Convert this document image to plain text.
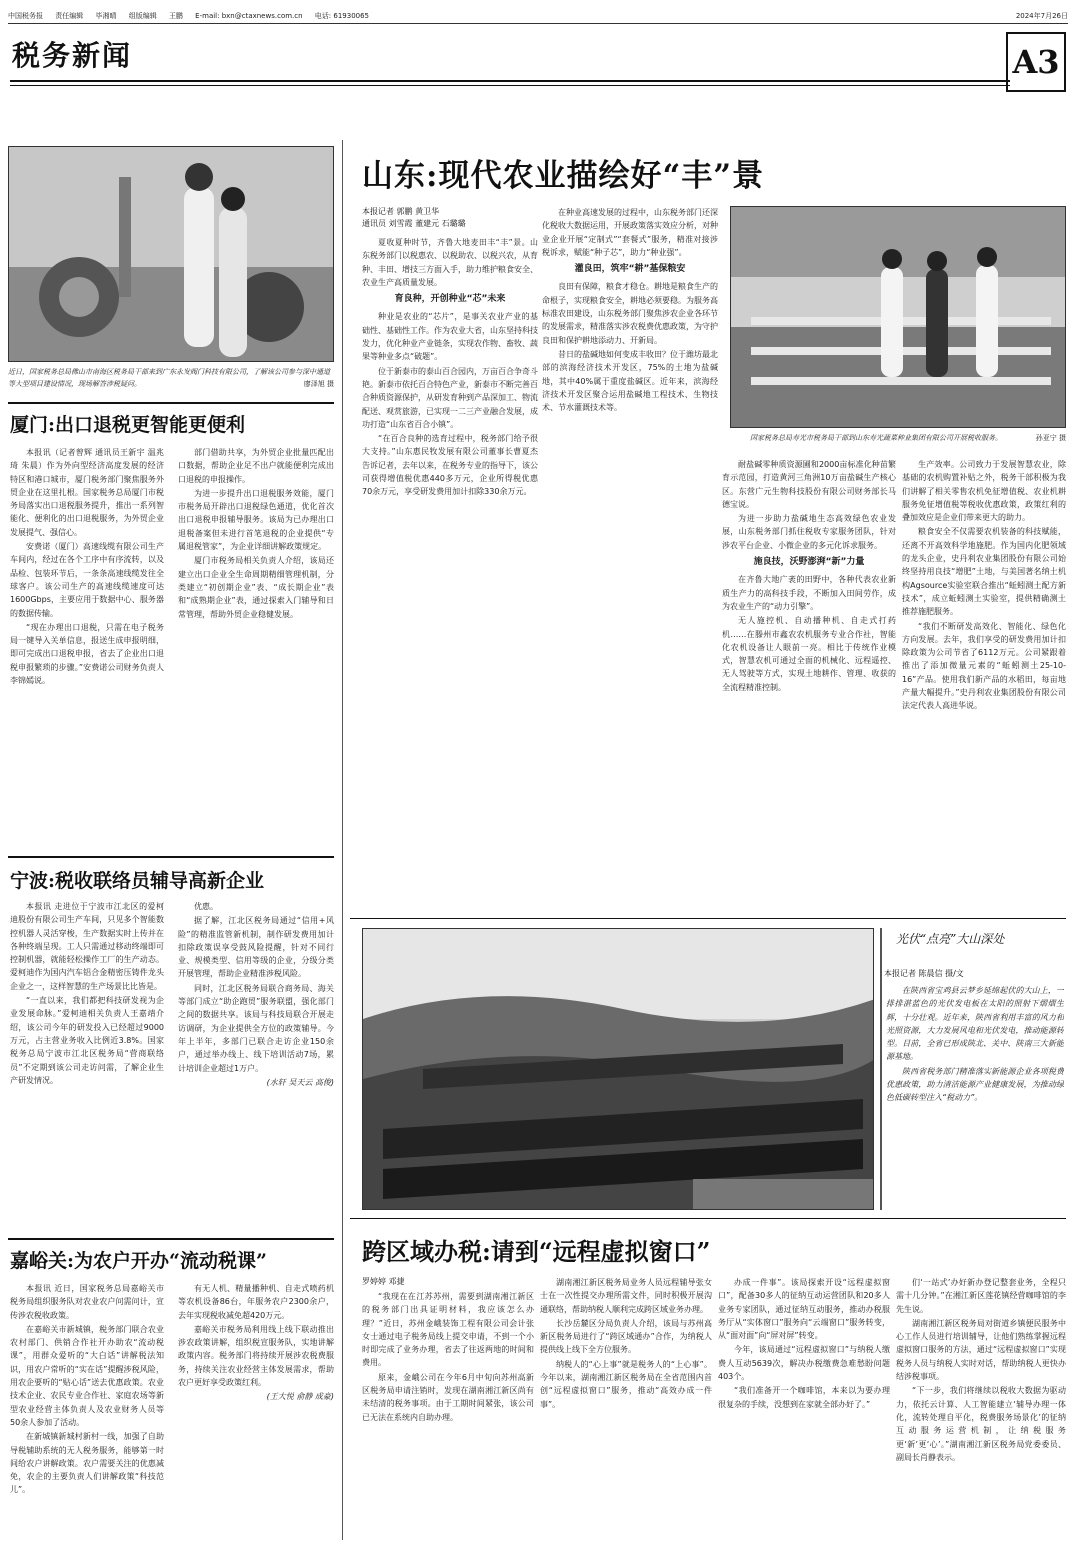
中国税务报 责任编辑 毕湘晴 组版编辑 王鹏 E-mail: bxn@ctaxnews.com.cn 电话: 61930065	2024年7月26日
税务新闻	A3
近日，国家税务总局佛山市南海区税务局干部来到广东永发阀门科技有限公司，了解该公司参与深中通道等大型项目建设情况，现场解答涉税疑问。	廖泽旭 摄
厦门:出口退税更智能更便利

本报讯（记者曾辉 通讯员王新宇 温兆琦 朱晨）作为外向型经济高度发展的经济特区和港口城市，厦门税务部门聚焦服务外贸企业在这里扎根。国家税务总局厦门市税务局落实出口退税服务提升，推出一系列智能化、便利化的出口退税服务，为外贸企业发展提气、强信心。

安费诺（厦门）高速线缆有限公司生产车间内，经过在各个工序中有序流转，以及品检、包装环节后，一条条高速线缆发往全球客户。该公司生产的高速线缆速度可达1600Gbps，主要应用于数据中心、服务器的数据传输。

“现在办理出口退税，只需在电子税务局一键导入关单信息，报送生成申报明细，即可完成出口退税申报，省去了企业出口退税申报繁琐的步骤。”安费诺公司财务负责人李锦嫣说。

部门借助共享，为外贸企业批量匹配出口数据，帮助企业足不出户就能便利完成出口退税的申报操作。

为进一步提升出口退税服务效能，厦门市税务局开辟出口退税绿色通道，优化首次出口退税申报辅导服务。该局为已办理出口退税备案但未进行首笔退税的企业提供“专属退税管家”，为企业详细讲解政策规定。

厦门市税务局相关负责人介绍，该局还建立出口企业全生命周期精细管理机制，分类建立“初创期企业”表、“成长期企业”表和“成熟期企业”表，通过探索入门辅导和日常管理，帮助外贸企业稳健发展。

宁波:税收联络员辅导高新企业

本报讯 走进位于宁波市江北区的爱柯迪股份有限公司生产车间，只见多个智能数控机器人灵活穿梭，生产数据实时上传并在各种终端呈现。工人只需通过移动终端即可控制机器，就能轻松操作工厂的生产动态。爱柯迪作为国内汽车铝合金精密压铸件龙头企业之一，这样智慧的生产场景比比皆是。

“一直以来，我们都把科技研发视为企业发展命脉。”爱柯迪相关负责人王嘉靖介绍，该公司今年的研发投入已经超过9000万元，占主营业务收入比例近3.8%。国家税务总局宁波市江北区税务局“营商联络员”不定期到该公司走访问需，了解企业生产研发情况。

优惠。

据了解，江北区税务局通过“信用+风险”的精准监管新机制，制作研发费用加计扣除政策误享受鼓风险提醒，针对不同行业、规模类型、信用等级的企业，分级分类开展管理，帮助企业精准涉税风险。

同时，江北区税务局联合商务局、海关等部门成立“助企跑贸”服务联盟，强化部门之间的数据共享。该局与科技局联合开展走访调研，为企业提供全方位的政策辅导。今年上半年，多部门已联合走访企业150余户，通过举办线上、线下培训活动7场，累计培训企业超过1万户。

(水轩 吴天云 高俊)

嘉峪关:为农户开办“流动税课”

本报讯 近日，国家税务总局嘉峪关市税务局组织服务队对农业农户问需问计，宣传涉农税收政策。

在嘉峪关市新城镇，税务部门联合农业农村部门、供销合作社开办助农“流动税课”，用群众爱听的“大白话”讲解税法知识，用农户常听的“实在话”提醒涉税风险，用农企要听的“贴心话”送去优惠政策。农业技术企业、农民专业合作社、家庭农场等新型农业经营主体负责人及农业财务人员等50余人参加了活动。

在新城镇新城村新村一线，加强了自助导税辅助系统的无人税务服务，能够第一时间给农户讲解政策。农户需要关注的优惠减免，农企的主要负责人们讲解政策“科技范儿”。

有无人机、精量播种机、自走式喷药机等农机设备86台，年服务农户2300余户，去年实现税收减免超420万元。

嘉峪关市税务局利用线上线下联动推出涉农政策讲解，组织税宣服务队，实地讲解政策内容。税务部门将持续开展涉农税费服务，持续关注农业经营主体发展需求，帮助农户更好享受政策红利。

(王大悦 俞静 成豪)

山东:现代农业描绘好“丰”景
本报记者 郭鹏 黄卫华
通讯员 刘雪霞 董建元 石璐璐

夏收夏种时节，齐鲁大地麦田丰“丰”景。山东税务部门以税惠农、以税助农、以税兴农，从育种、丰田、增技三方面入手，助力维护粮食安全、农业生产高质量发展。

育良种，开创种业“芯”未来

种业是农业的“芯片”，是事关农业产业的基础性、基础性工作。作为农业大省，山东坚持科技发力，优化种业产业链条，实现农作物、畜牧、蔬果等种业多点“破题”。

位于新泰市的泰山百合园内，万亩百合争奇斗艳。新泰市依托百合特色产业，新泰市不断完善百合种质资源保护，从研发育种到产品深加工、物流配送、观赏旅游，已实现一二三产业融合发展，成功打造“山东省百合小镇”。

“在百合良种的选育过程中，税务部门给予很大支持。”山东惠民牧发展有限公司董事长曹夏杰告诉记者，去年以来，在税务专业的指导下，该公司获得增值税优惠440多万元，企业所得税优惠70余万元，享受研发费用加计扣除330余万元。

在种业高速发展的过程中，山东税务部门还深化税收大数据运用，开展政策落实效应分析，对种业企业开展“定制式”“套餐式”服务，精准对接涉税诉求，赋能“种子芯”，助力“种业强”。

灌良田，筑牢“耕”基保粮安

良田有保障，粮食才稳仓。耕地是粮食生产的命根子，实现粮食安全，耕地必须要稳。为服务高标准农田建设，山东税务部门聚焦涉农企业各环节的发展需求，精准落实涉农税费优惠政策，为守护良田和保护耕地添动力、开新局。

昔日的盐碱地如何变成丰收田？位于潍坊最北部的滨海经济技术开发区，75%的土地为盐碱地，其中40%属于重度盐碱区。近年来，滨海经济技术开发区聚合运用盐碱地工程技术、生物技术、节水灌溉技术等。

国家税务总局寿光市税务局干部到山东寿光蔬菜种业集团有限公司开展税收服务。	孙亚宁 摄

耐盐碱零种质资源圃和2000亩标准化种苗繁育示范园，打造黄河三角洲10万亩盐碱生产核心区。东营广元生物科技股份有限公司财务部长马德宝说。

为进一步助力盐碱地生态高效绿色农业发展，山东税务部门抓住税收专家服务团队，针对涉农平台企业、小微企业的多元化诉求服务。

施良技，沃野澎湃“新”力量

在齐鲁大地广袤的田野中，各种代表农业新质生产力的高科技手段，不断加入田间劳作，成为农业生产的“动力引擎”。

无人施控机、自动播种机、自走式打药机……在滕州市鑫农农机服务专业合作社，智能化农机设备让人眼前一亮。相比于传统作业模式，智慧农机可通过全面的机械化、远程遥控、无人驾驶等方式，实现土地耕作、管理、收获的全流程精准控制。

生产效率。公司致力于发展智慧农业，除基础的农机购置补贴之外，税务干部积极为我们讲解了相关零售农机免征增值税、农业机耕服务免征增值税等税收优惠政策，政策红利的叠加效应是企业们带来更大的助力。

粮食安全不仅需要农机装备的科技赋能，还离不开高效科学地施肥。作为国内化肥领域的龙头企业，史丹利农业集团股份有限公司始终坚持用良技“增肥”土地，与美国著名纳土机构Agsource实验室联合推出“蚯蚓测土配方新技术”，成立蚯蚓测土实验室，提供精确测土推荐施肥服务。

“我们不断研发高效化、智能化、绿色化方向发展。去年，我们享受的研发费用加计扣除政策为公司节省了6112万元。公司紧跟着推出了添加微量元素的“蚯蚓测土25-10-16”产品。使用我们新产品的水稻田，每亩地产量大幅提升。”史丹利农业集团股份有限公司法定代表人高进华说。

光伏“点亮”大山深处
本报记者 陈晨信 摄/文

在陕西省宝鸡县云梦乡延绵起伏的大山上，一排排湛蓝色的光伏发电板在太阳的照射下熠熠生辉，十分壮观。近年来，陕西省利用丰富的风力和光照资源，大力发展风电和光伏发电，推动能源转型。目前，全省已形成陕北、关中、陕南三大新能源基地。

陕西省税务部门精准落实新能源企业各项税费优惠政策，助力清洁能源产业健康发展，为推动绿色低碳转型注入“税动力”。

跨区域办税:请到“远程虚拟窗口”
罗婷婷 邓捷

“我现在在江苏苏州，需要到湖南湘江新区的税务部门出具证明材料，我应该怎么办理？”近日，苏州金峨装饰工程有限公司会计张女士通过电子税务局线上提交申请，不到一个小时即完成了业务办理，省去了往返两地的时间和费用。

原来，金峨公司在今年6月中旬向苏州高新区税务局申请注销时，发现在湖南湘江新区尚有未结清的税务事项。由于工期时间紧张，该公司已无法在系统内自助办理。

湖南湘江新区税务局业务人员远程辅导张女士在一次性提交办理所需文件，同时积极开展沟通联络，帮助纳税人顺利完成跨区域业务办理。

长沙岳麓区分局负责人介绍，该局与苏州高新区税务局进行了“跨区域通办”合作，为纳税人提供线上线下全方位服务。

纳税人的“心上事”就是税务人的“上心事”。今年以来，湖南湘江新区税务局在全省范围内首创“远程虚拟窗口”服务，推动“高效办成一件事”。

办成一件事”。该局探索开设“远程虚拟窗口”，配备30多人的征纳互动运营团队和20多人业务专家团队，通过征纳互动服务，推动办税服务厅从“实体窗口”服务向“云端窗口”服务转变，从“面对面”向“屏对屏”转变。

今年，该局通过“远程虚拟窗口”与纳税人缴费人互动5639次，解决办税缴费急难愁盼问题403个。

“我们准备开一个咖啡馆，本来以为要办理很复杂的手续，没想到在家就全部办好了。”

们‘一站式’办好新办登记整套业务，全程只需十几分钟。”在湘江新区莲花镇经营咖啡馆的李先生说。

湖南湘江新区税务局对街道乡镇便民服务中心工作人员进行培训辅导，让他们熟练掌握远程虚拟窗口服务的方法，通过“远程虚拟窗口”实现税务人员与纳税人实时对话，帮助纳税人更快办结涉税事项。

“下一步，我们将继续以税收大数据为驱动力，依托云计算、人工智能建立‘辅导办理一体化，流转处理自平化，税费服务场景化’的征纳互动服务运营机制，让纳税服务更‘新’更‘心’。”湖南湘江新区税务局党委委员、副局长肖静表示。
